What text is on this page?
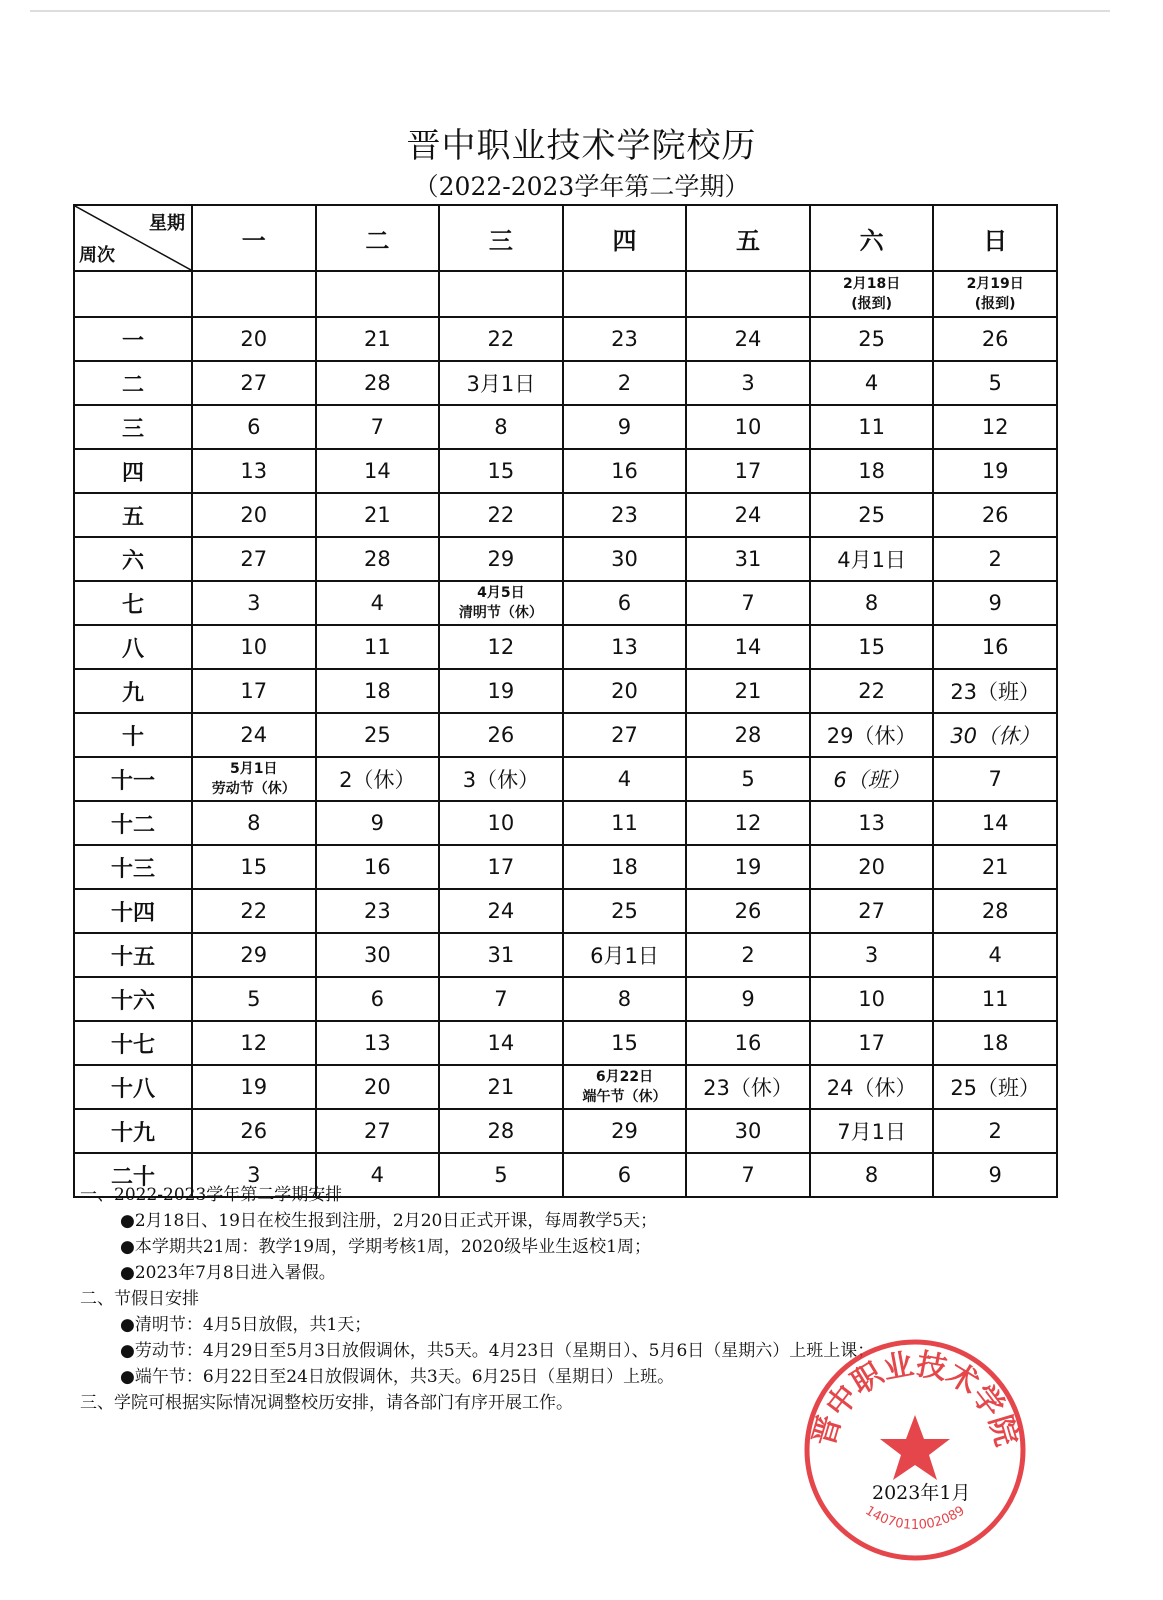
晋中职业技术学院校历
（2022-2023学年第二学期）
星期
周次	一	二	三	四	五	六	日

						2月18日
(报到)	2月19日
(报到)

一	20	21	22	23	24	25	26
二	27	28	3月1日	2	3	4	5
三	6	7	8	9	10	11	12
四	13	14	15	16	17	18	19
五	20	21	22	23	24	25	26
六	27	28	29	30	31	4月1日	2
七	3	4	4月5日
清明节（休）	6	7	8	9
八	10	11	12	13	14	15	16
九	17	18	19	20	21	22	23（班）
十	24	25	26	27	28	29（休）	30（休）
十一	5月1日
劳动节（休）	2（休）	3（休）	4	5	6（班）	7
十二	8	9	10	11	12	13	14
十三	15	16	17	18	19	20	21
十四	22	23	24	25	26	27	28
十五	29	30	31	6月1日	2	3	4
十六	5	6	7	8	9	10	11
十七	12	13	14	15	16	17	18
十八	19	20	21	6月22日
端午节（休）	23（休）	24（休）	25（班）
十九	26	27	28	29	30	7月1日	2
二十	3	4	5	6	7	8	9
一、2022-2023学年第二学期安排
●2月18日、19日在校生报到注册，2月20日正式开课，每周教学5天；
●本学期共21周：教学19周，学期考核1周，2020级毕业生返校1周；
●2023年7月8日进入暑假。
二、节假日安排
●清明节：4月5日放假，共1天；
●劳动节：4月29日至5月3日放假调休，共5天。4月23日（星期日）、5月6日（星期六）上班上课；
●端午节：6月22日至24日放假调休，共3天。6月25日（星期日）上班。
三、学院可根据实际情况调整校历安排，请各部门有序开展工作。
晋中职业技术学院
1407011002089
2023年1月
